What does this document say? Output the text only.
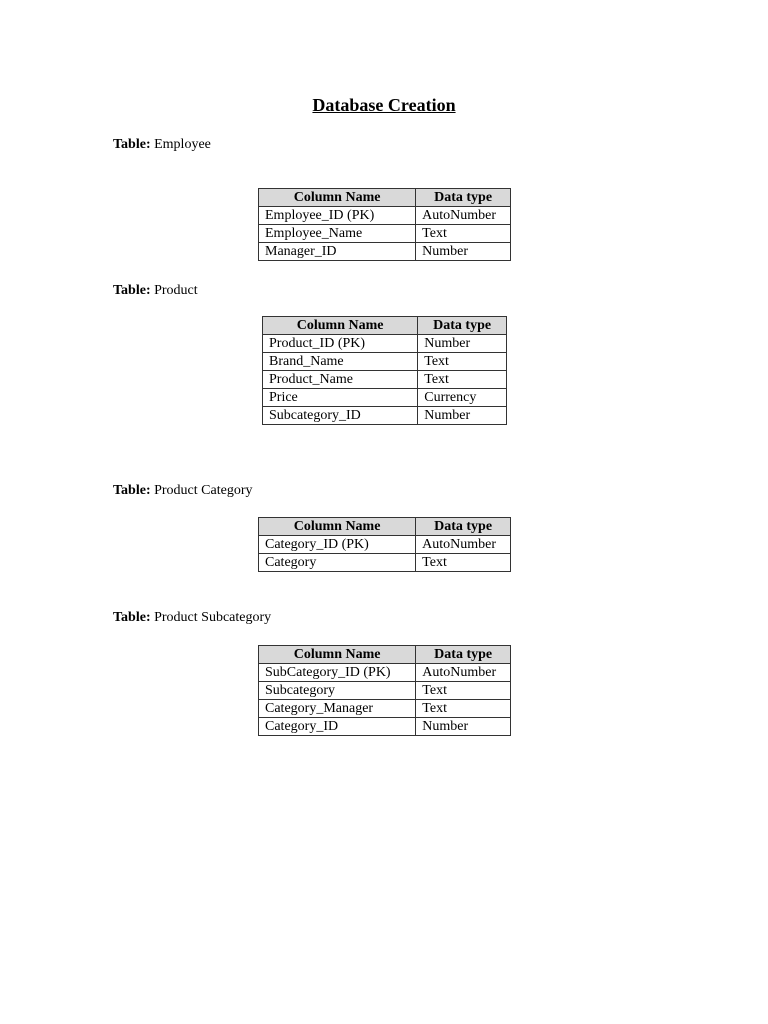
Database Creation
Table: Employee
Column Name	Data type
Employee_ID (PK)	AutoNumber
Employee_Name	Text
Manager_ID	Number
Table: Product
Column Name	Data type
Product_ID (PK)	Number
Brand_Name	Text
Product_Name	Text
Price	Currency
Subcategory_ID	Number
Table: Product Category
Column Name	Data type
Category_ID (PK)	AutoNumber
Category	Text
Table: Product Subcategory
Column Name	Data type
SubCategory_ID (PK)	AutoNumber
Subcategory	Text
Category_Manager	Text
Category_ID	Number
